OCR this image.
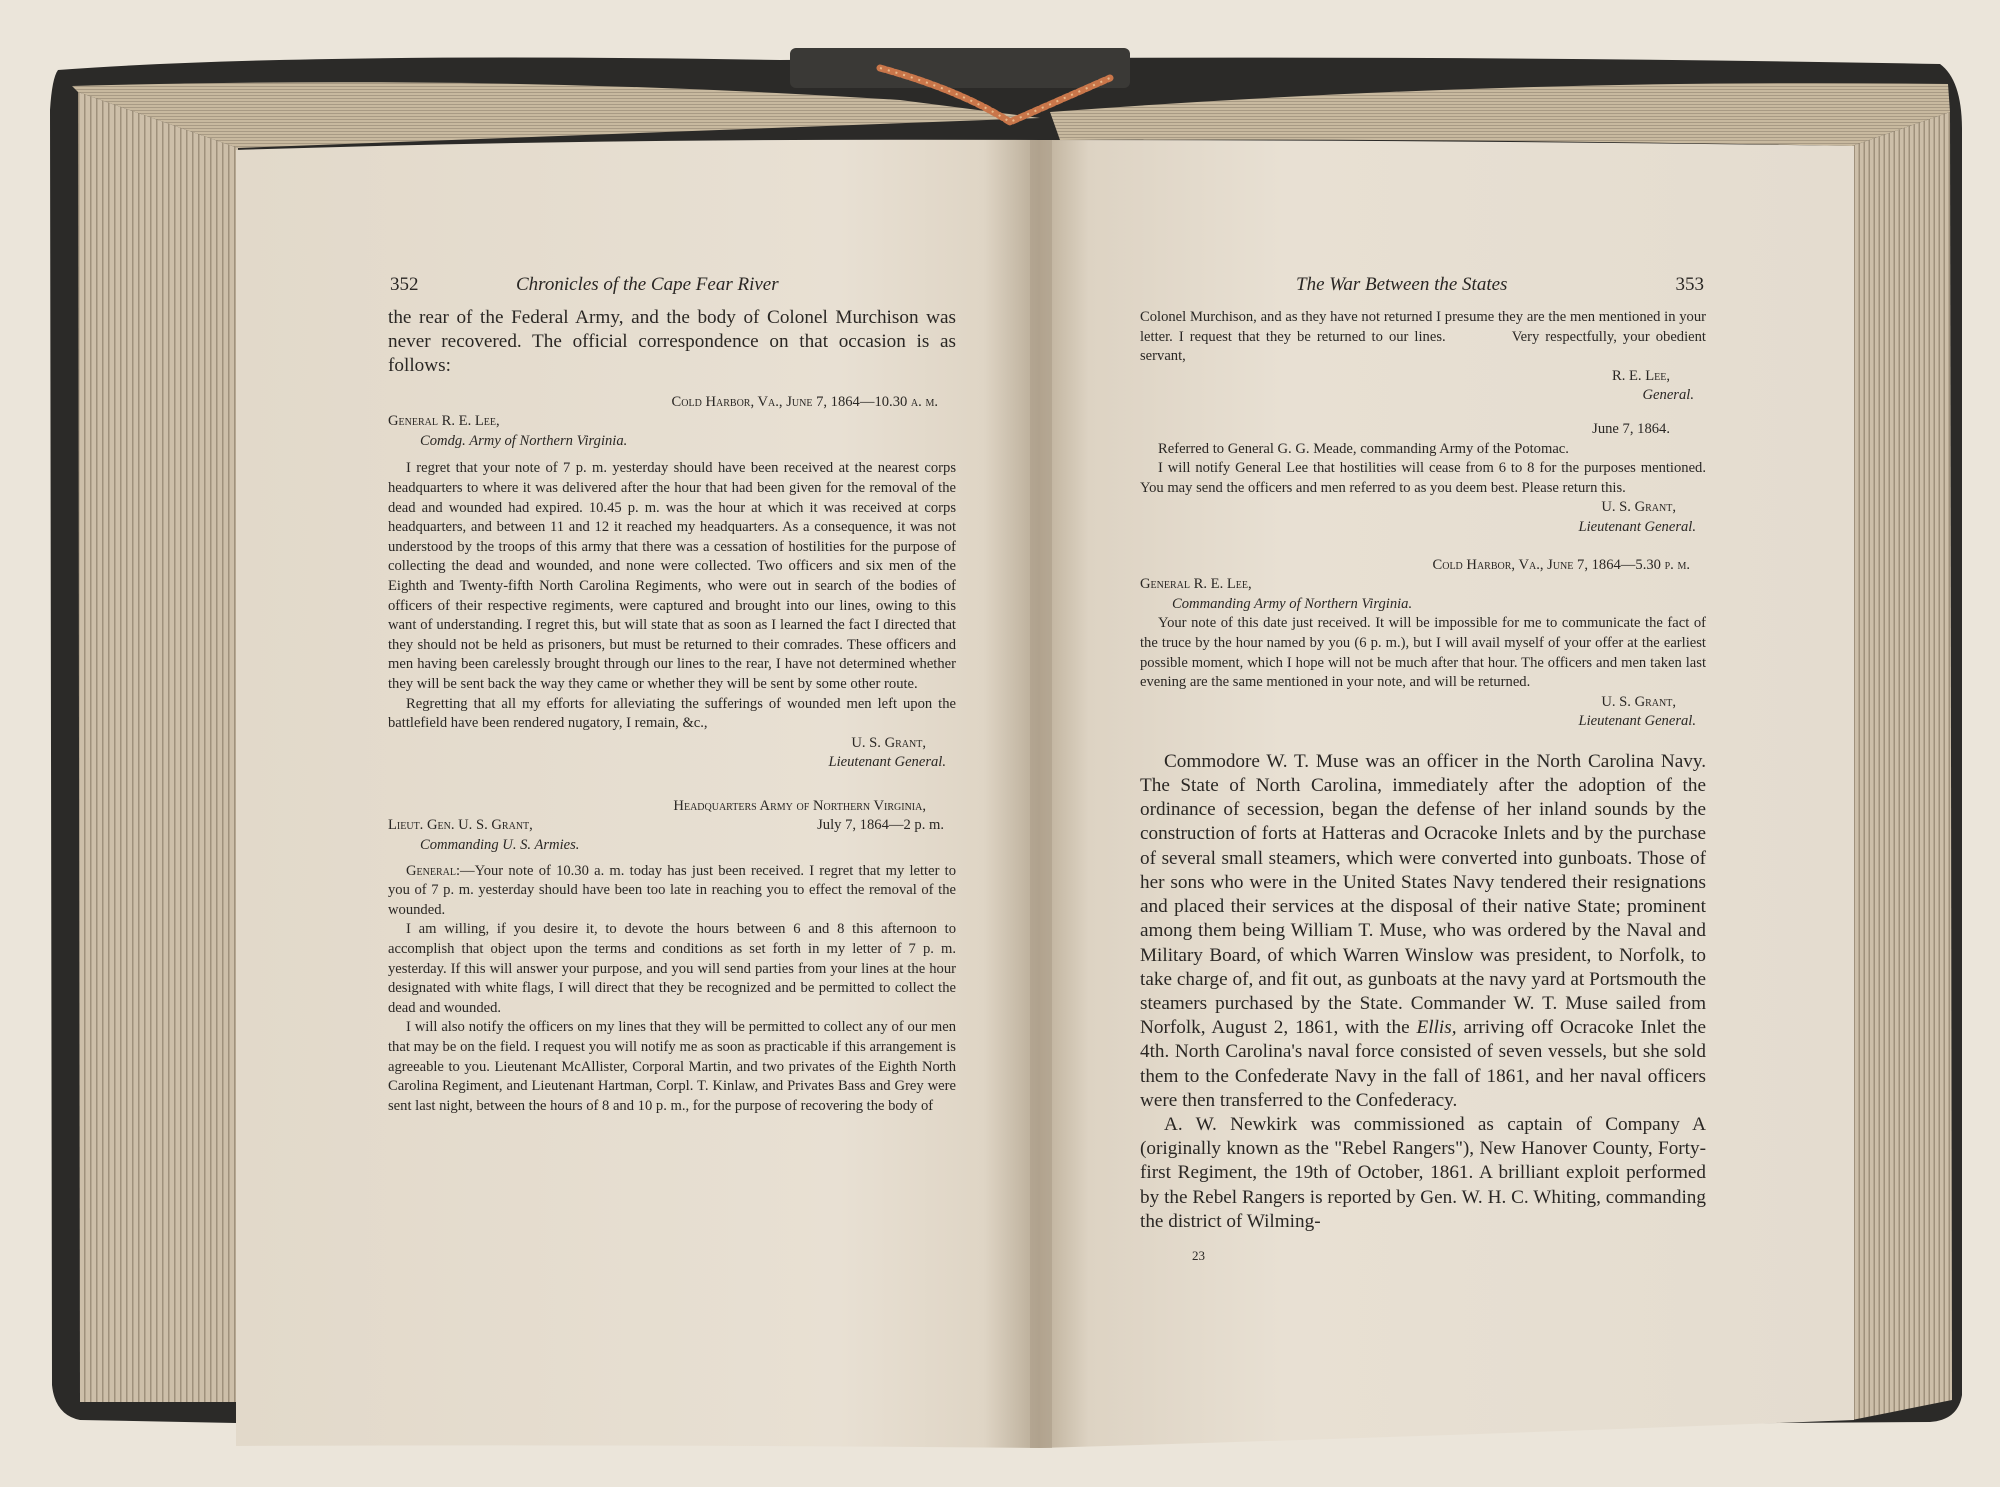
352	Chronicles of the Cape Fear River

the rear of the Federal Army, and the body of Colonel Murchison was never recovered. The official correspondence on that occasion is as follows:

Cold Harbor, Va., June 7, 1864—10.30 a. m.
General R. E. Lee,
Comdg. Army of Northern Virginia.

I regret that your note of 7 p. m. yesterday should have been received at the nearest corps headquarters to where it was delivered after the hour that had been given for the removal of the dead and wounded had expired. 10.45 p. m. was the hour at which it was received at corps headquarters, and between 11 and 12 it reached my headquarters. As a consequence, it was not understood by the troops of this army that there was a cessation of hostilities for the purpose of collecting the dead and wounded, and none were collected. Two officers and six men of the Eighth and Twenty-fifth North Carolina Regiments, who were out in search of the bodies of officers of their respective regiments, were captured and brought into our lines, owing to this want of understanding. I regret this, but will state that as soon as I learned the fact I directed that they should not be held as prisoners, but must be returned to their comrades. These officers and men having been carelessly brought through our lines to the rear, I have not determined whether they will be sent back the way they came or whether they will be sent by some other route.

Regretting that all my efforts for alleviating the sufferings of wounded men left upon the battlefield have been rendered nugatory, I remain, &c.,

U. S. Grant,
Lieutenant General.
Headquarters Army of Northern Virginia,
Lieut. Gen. U. S. Grant,	July 7, 1864—2 p. m.
Commanding U. S. Armies.

General:—Your note of 10.30 a. m. today has just been received. I regret that my letter to you of 7 p. m. yesterday should have been too late in reaching you to effect the removal of the wounded.

I am willing, if you desire it, to devote the hours between 6 and 8 this afternoon to accomplish that object upon the terms and conditions as set forth in my letter of 7 p. m. yesterday. If this will answer your purpose, and you will send parties from your lines at the hour designated with white flags, I will direct that they be recognized and be permitted to collect the dead and wounded.

I will also notify the officers on my lines that they will be permitted to collect any of our men that may be on the field. I request you will notify me as soon as practicable if this arrangement is agreeable to you. Lieutenant McAllister, Corporal Martin, and two privates of the Eighth North Carolina Regiment, and Lieutenant Hartman, Corpl. T. Kinlaw, and Privates Bass and Grey were sent last night, between the hours of 8 and 10 p. m., for the purpose of recovering the body of

The War Between the States	353

Colonel Murchison, and as they have not returned I presume they are the men mentioned in your letter. I request that they be returned to our lines.	Very respectfully, your obedient servant,

R. E. Lee,
General.
June 7, 1864.

Referred to General G. G. Meade, commanding Army of the Potomac.

I will notify General Lee that hostilities will cease from 6 to 8 for the purposes mentioned. You may send the officers and men referred to as you deem best. Please return this.

U. S. Grant,
Lieutenant General.
Cold Harbor, Va., June 7, 1864—5.30 p. m.
General R. E. Lee,
Commanding Army of Northern Virginia.

Your note of this date just received. It will be impossible for me to communicate the fact of the truce by the hour named by you (6 p. m.), but I will avail myself of your offer at the earliest possible moment, which I hope will not be much after that hour. The officers and men taken last evening are the same mentioned in your note, and will be returned.

U. S. Grant,
Lieutenant General.

Commodore W. T. Muse was an officer in the North Carolina Navy. The State of North Carolina, immediately after the adoption of the ordinance of secession, began the defense of her inland sounds by the construction of forts at Hatteras and Ocracoke Inlets and by the purchase of several small steamers, which were converted into gunboats. Those of her sons who were in the United States Navy tendered their resignations and placed their services at the disposal of their native State; prominent among them being William T. Muse, who was ordered by the Naval and Military Board, of which Warren Winslow was president, to Norfolk, to take charge of, and fit out, as gunboats at the navy yard at Portsmouth the steamers purchased by the State. Commander W. T. Muse sailed from Norfolk, August 2, 1861, with the Ellis, arriving off Ocracoke Inlet the 4th. North Carolina's naval force consisted of seven vessels, but she sold them to the Confederate Navy in the fall of 1861, and her naval officers were then transferred to the Confederacy.

A. W. Newkirk was commissioned as captain of Company A (originally known as the "Rebel Rangers"), New Hanover County, Forty-first Regiment, the 19th of October, 1861. A brilliant exploit performed by the Rebel Rangers is reported by Gen. W. H. C. Whiting, commanding the district of Wilming-

23
